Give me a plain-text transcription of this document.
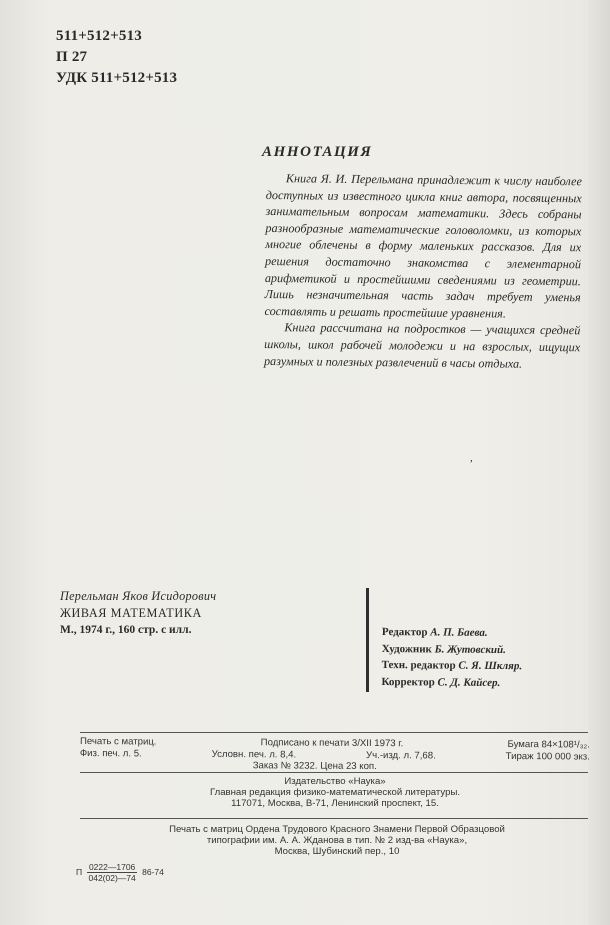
511+512+513
П 27
УДК 511+512+513
АННОТАЦИЯ

Книга Я. И. Перельмана принадлежит к числу наиболее доступных из известного цикла книг автора, посвященных занимательным вопросам математики. Здесь собраны разнообразные математические головоломки, из которых многие облечены в форму маленьких рассказов. Для их решения достаточно знакомства с элементарной арифметикой и простейшими сведениями из геометрии. Лишь незначительная часть задач требует уменья составлять и решать простейшие уравнения.

Книга рассчитана на подростков — учащихся средней школы, школ рабочей молодежи и на взрослых, ищущих разумных и полезных развлечений в часы отдыха.

,
Перельман Яков Исидорович
ЖИВАЯ МАТЕМАТИКА
М., 1974 г., 160 стр. с илл.	Редактор А. П. Баева.
Художник Б. Жутовский.
Техн. редактор С. Я. Шкляр.
Корректор С. Д. Кайсер.
Печать с матриц.	Подписано к печати 3/XII 1973 г.	Бумага 84×108¹/₃₂.
Физ. печ. л. 5.	Условн. печ. л. 8,4.	Уч.-изд. л. 7,68.	Тираж 100 000 экз.
Заказ № 3232. Цена 23 коп.
Издательство «Наука»
Главная редакция физико-математической литературы.
117071, Москва, В-71, Ленинский проспект, 15.
Печать с матриц Ордена Трудового Красного Знамени Первой Образцовой
типографии им. А. А. Жданова в тип. № 2 изд-ва «Наука»,
Москва, Шубинский пер., 10
П $\frac{0222—1706}{042(02)—74} 86-74$
